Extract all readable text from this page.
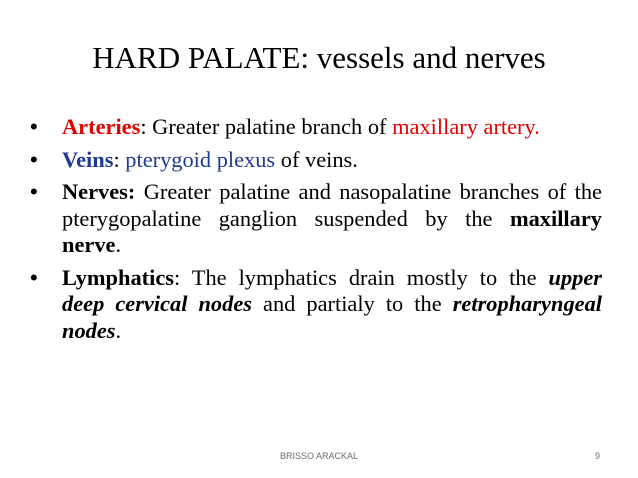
HARD PALATE: vessels and nerves
• Arteries: Greater palatine branch of maxillary artery.
• Veins: pterygoid plexus of veins.
• Nerves: Greater palatine and nasopalatine branches of the pterygopalatine ganglion suspended by the maxillary nerve.
• Lymphatics: The lymphatics drain mostly to the upper deep cervical nodes and partialy to the retropharyngeal nodes.
BRISSO ARACKAL	9
